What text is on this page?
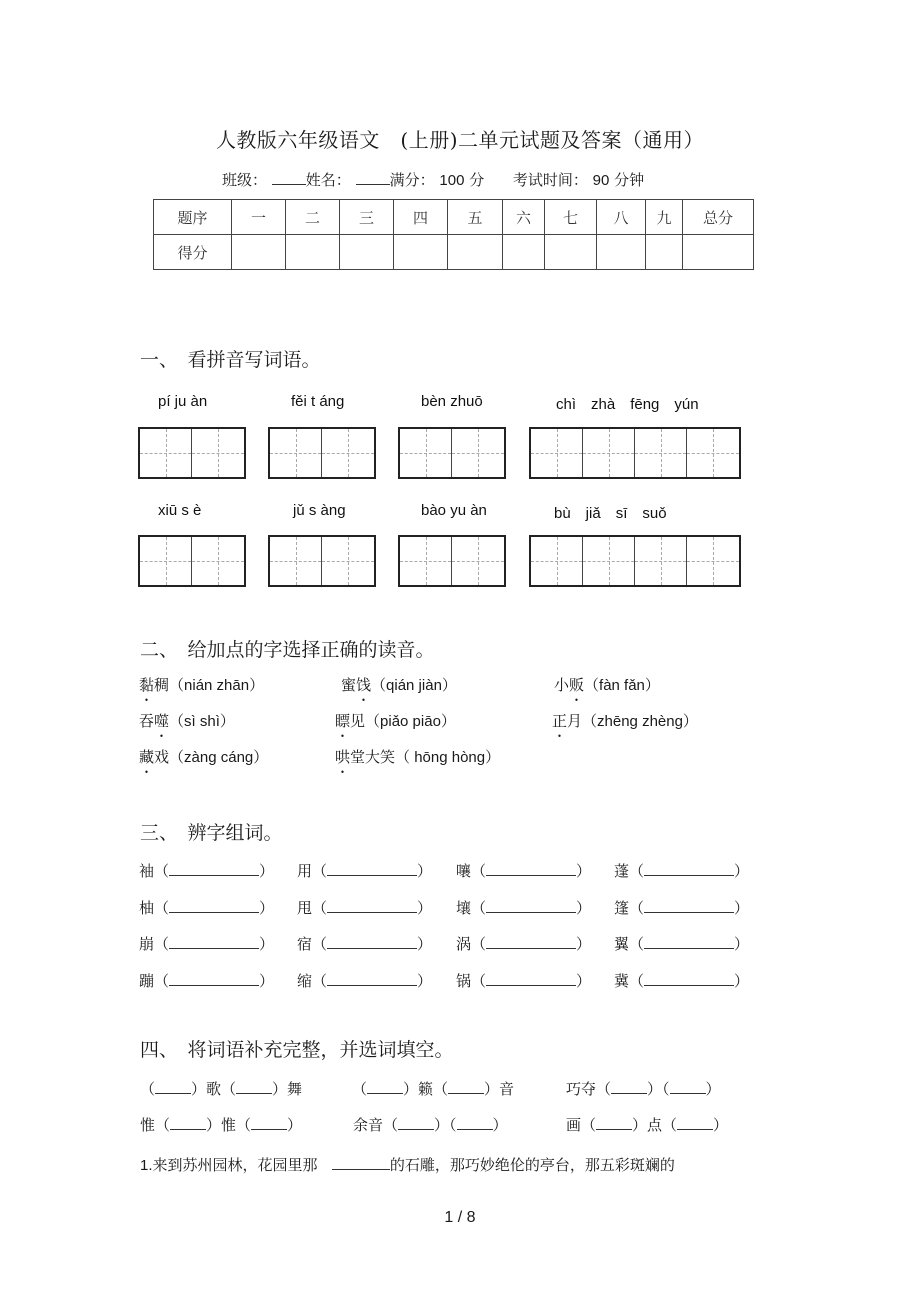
人教版六年级语文　(上册)二单元试题及答案（通用）
班级：	姓名：	满分： 100 分 考试时间： 90 分钟
题序	一	二	三	四	五	六	七	八	九	总分
得分										
一、　看拼音写词语。
pí ju àn	fěi t áng	bèn zhuō	chì　zhà　fēng　yún
xiū s è	jǔ s àng	bào yu àn	bù　jiǎ　sī　suǒ
二、　给加点的字选择正确的读音。
黏稠（nián zhān）	蜜饯（qián jiàn）	小贩（fàn fǎn）
吞噬（sì shì）	瞟见（piǎo piāo）	正月（zhēng zhèng）
藏戏（zàng cáng）	哄堂大笑（ hōng hòng）
三、　辨字组词。
袖（	） 用（	） 嚷（	） 蓬（	）
柚（	） 甩（	） 壤（	） 篷（	）
崩（	） 宿（	） 涡（	） 翼（	）
蹦（	） 缩（	） 锅（	） 冀（	）
四、　将词语补充完整，并选词填空。
（ ）歌（ ）舞	（ ）籁（ ）音	巧夺（ ）（ ）
惟（ ）惟（ ）	余音（ ）（ ）	画（ ）点（ ）
1.来到苏州园林，花园里那	的石雕，那巧妙绝伦的亭台，那五彩斑斓的
1 / 8
